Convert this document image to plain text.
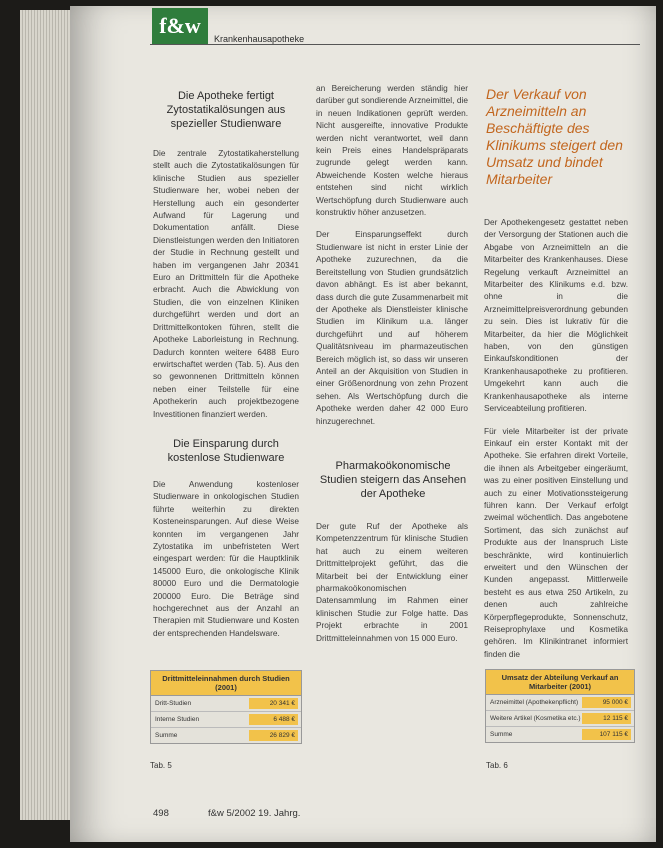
f&w
Krankenhausapotheke
Die Apotheke fertigt Zytostatikalösungen aus spezieller Studienware

Die zentrale Zytostatikaherstellung stellt auch die Zytostatikalösungen für klinische Studien aus spezieller Studienware her, wobei neben der Herstellung auch ein gesonderter Aufwand für Lagerung und Dokumentation anfällt. Diese Dienstleistungen werden den Initiatoren der Studie in Rechnung gestellt und haben im vergangenen Jahr 20341 Euro an Drittmitteln für die Apotheke erbracht. Auch die Abwicklung von Studien, die von einzelnen Kliniken durchgeführt werden und dort an Drittmittelkontoken führen, stellt die Apotheke Laborleistung in Rechnung. Dadurch konnten weitere 6488 Euro erwirtschaftet werden (Tab. 5). Aus den so gewonnenen Drittmitteln können neben einer Teilstelle für eine Apothekerin auch projektbezogene Investitionen finanziert werden.

Die Einsparung durch kostenlose Studienware

Die Anwendung kostenloser Studienware in onkologischen Studien führte weiterhin zu direkten Kosteneinsparungen. Auf diese Weise konnten im vergangenen Jahr Zytostatika im unbefristeten Wert eingespart werden: für die Hauptklinik 145000 Euro, die onkologische Klinik 80000 Euro und die Dermatologie 200000 Euro. Die Beträge sind hochgerechnet aus der Anzahl an Therapien mit Studienware und Kosten der entsprechenden Handelsware.

an Bereicherung werden ständig hier darüber gut sondierende Arzneimittel, die in neuen Indikationen geprüft werden. Nicht ausgereifte, innovative Produkte werden nicht verantwortet, weil dann kein Preis eines Handelspräparats zugrunde gelegt werden kann. Abweichende Kosten welche hieraus entstehen sind nicht wirklich Wertschöpfung durch Studienware auch konstruktiv höher anzusetzen.

Der Einsparungseffekt durch Studienware ist nicht in erster Linie der Apotheke zuzurechnen, da die Bereitstellung von Studien grundsätzlich davon abhängt. Es ist aber bekannt, dass durch die gute Zusammenarbeit mit der Apotheke als Dienstleister klinische Studien im Klinikum u.a. länger durchgeführt und auf höherem Qualitätsniveau im pharmazeutischen Bereich möglich ist, so dass wir unseren Anteil an der Akquisition von Studien in einer Größenordnung von zehn Prozent sehen. Als Wertschöpfung durch die Apotheke werden daher 42 000 Euro hinzugerechnet.

Pharmakoökonomische Studien steigern das Ansehen der Apotheke

Der gute Ruf der Apotheke als Kompetenzzentrum für klinische Studien hat auch zu einem weiteren Drittmittelprojekt geführt, das die Mitarbeit bei der Entwicklung einer pharmakoökonomischen Datensammlung im Rahmen einer klinischen Studie zur Folge hatte. Das Projekt erbrachte in 2001 Drittmitteleinnahmen von 15 000 Euro.

Der Verkauf von Arzneimitteln an Beschäftigte des Klinikums steigert den Umsatz und bindet Mitarbeiter

Der Apothekengesetz gestattet neben der Versorgung der Stationen auch die Abgabe von Arzneimitteln an die Mitarbeiter des Krankenhauses. Diese Regelung verkauft Arzneimittel an Mitarbeiter des Klinikums e.d. bzw. ohne in die Arzneimittelpreisverordnung gebunden zu sein. Dies ist lukrativ für die Mitarbeiter, da hier die Möglichkeit haben, von den günstigen Einkaufskonditionen der Krankenhausapotheke zu profitieren. Umgekehrt kann auch die Krankenhausapotheke als interne Serviceabteilung profitieren.

Für viele Mitarbeiter ist der private Einkauf ein erster Kontakt mit der Apotheke. Sie erfahren direkt Vorteile, die ihnen als Arbeitgeber eingeräumt, was zu einer positiven Einstellung und auch zu einer Motivationssteigerung führen kann. Der Verkauf erfolgt zweimal wöchentlich. Das angebotene Sortiment, das sich zunächst auf Produkte aus der Inanspruch Liste beschränkte, wird kontinuierlich erweitert und den Wünschen der Kunden angepasst. Mittlerweile besteht es aus etwa 250 Artikeln, zu denen auch zahlreiche Körperpflegeprodukte, Sonnenschutz, Reiseprophylaxe und Kosmetika gehören. Im Klinikintranet informiert finden die

Drittmitteleinnahmen durch Studien (2001)
Dritt-Studien	20 341 €
Interne Studien	6 488 €
Summe	26 829 €
Tab. 5
Umsatz der Abteilung Verkauf an Mitarbeiter (2001)
Arzneimittel (Apothekenpflicht)	95 000 €
Weitere Artikel (Kosmetika etc.)	12 115 €
Summe	107 115 €
Tab. 6
498	f&w 5/2002 19. Jahrg.
